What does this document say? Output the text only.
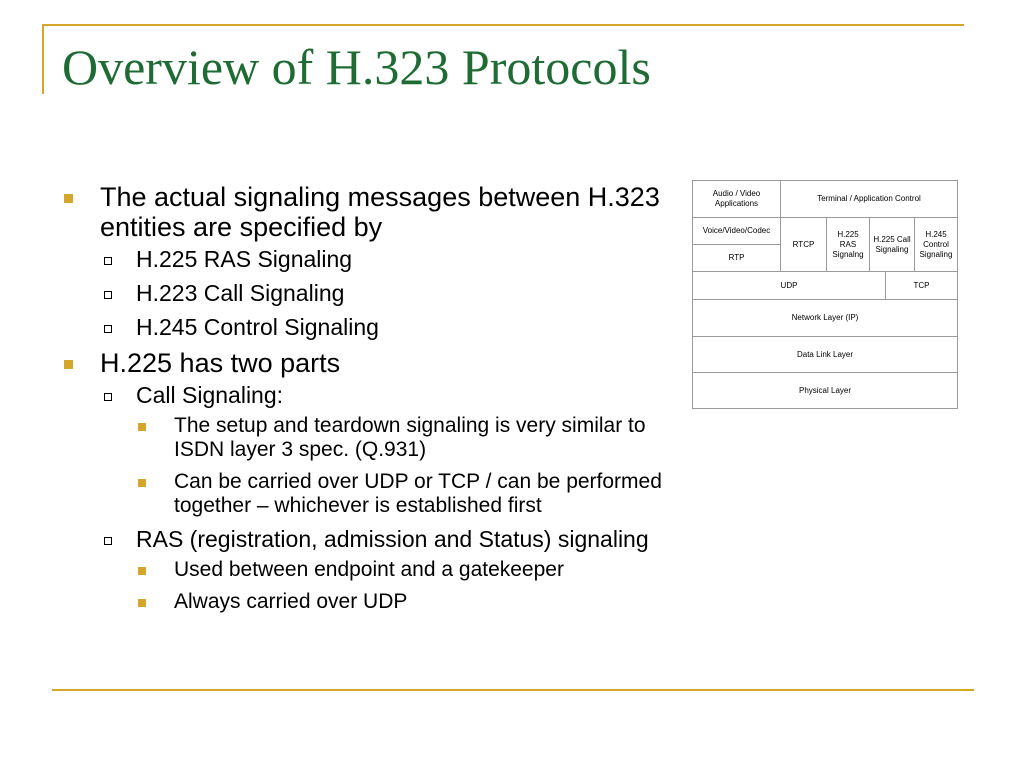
Overview of H.323 Protocols
The actual signaling messages between H.323 entities are specified by
H.225 RAS Signaling
H.223 Call Signaling
H.245 Control Signaling
H.225 has two parts
Call Signaling:
The setup and teardown signaling is very similar to ISDN layer 3 spec. (Q.931)
Can be carried over UDP or TCP / can be performed together – whichever is established first
RAS (registration, admission and Status) signaling
Used between endpoint and a gatekeeper
Always carried over UDP
Audio / Video Applications
Terminal / Application Control
Voice/Video/Codec
RTP
RTCP
H.225 RAS Signalng
H.225 Call Signaling
H.245 Control Signaling
UDP	TCP
Network Layer (IP)
Data Link Layer
Physical Layer
